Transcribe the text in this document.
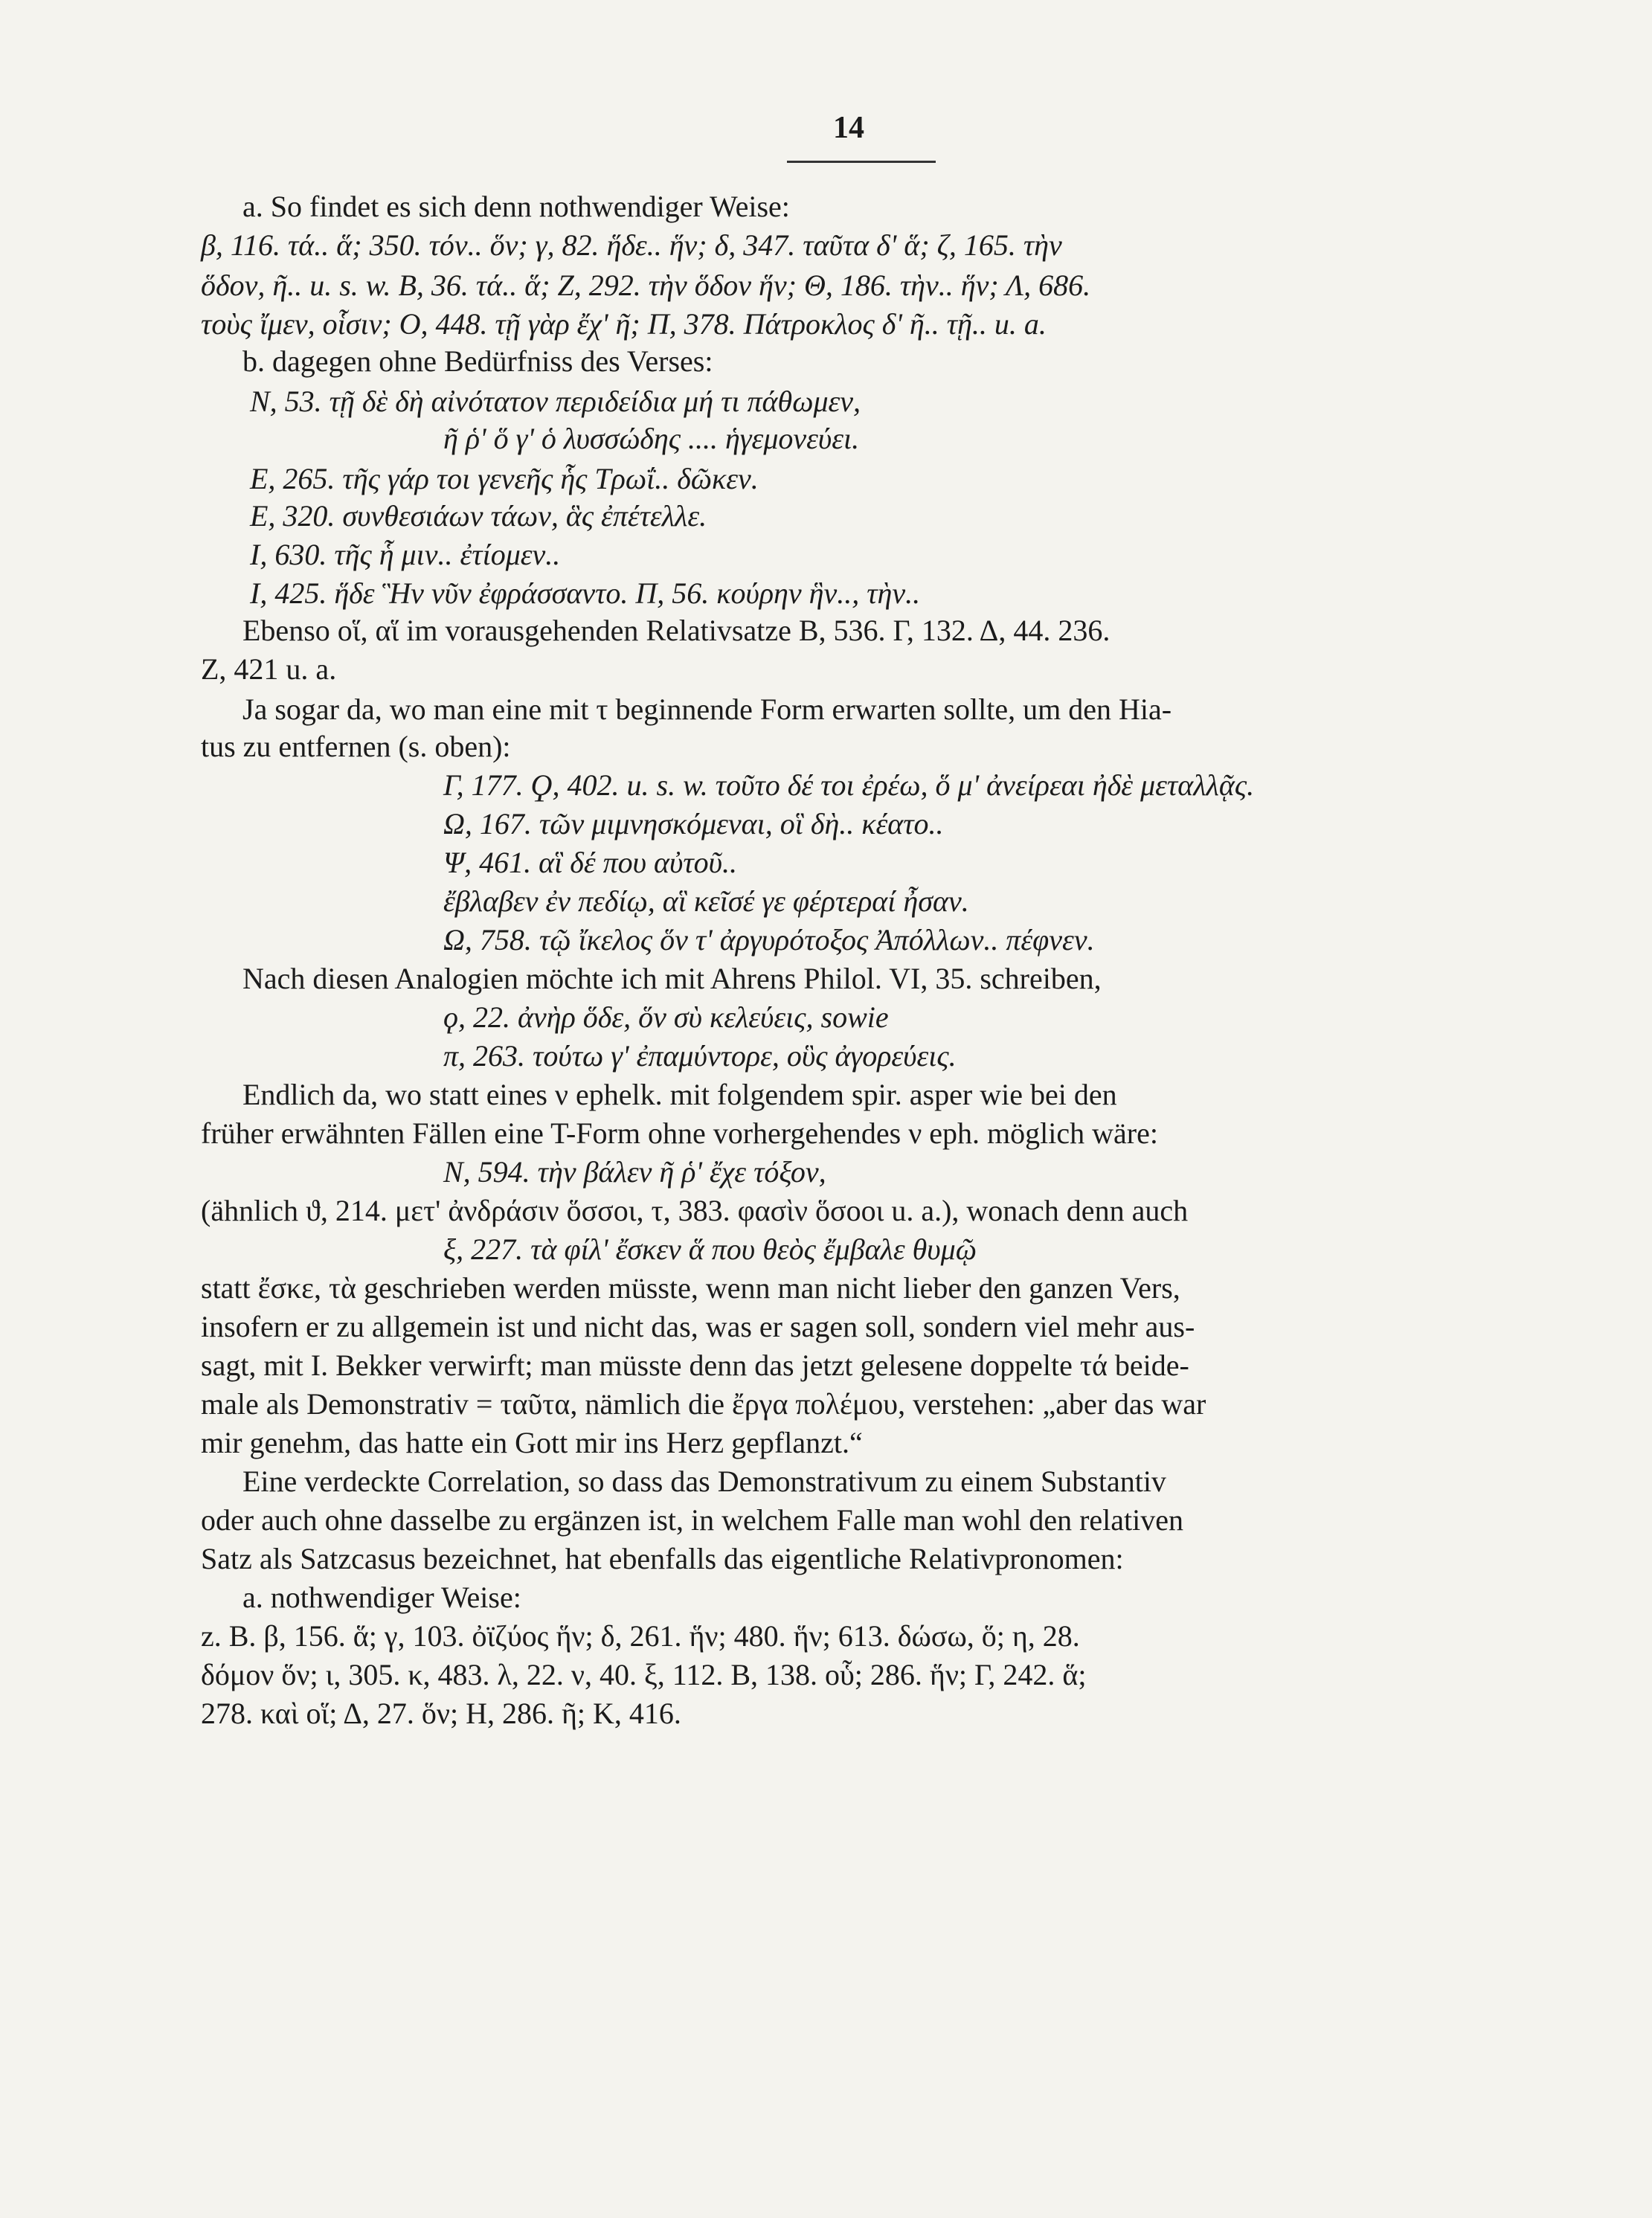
14
a. So findet es sich denn nothwendiger Weise:
β, 116. τά.. ἅ; 350. τόν.. ὅν; γ, 82. ἥδε.. ἥν; δ, 347. ταῦτα δ' ἅ; ζ, 165. τὴν
ὅδον, ῆ.. u. s. w. B, 36. τά.. ἅ; Z, 292. τὴν ὅδον ἥν; Θ, 186. τὴν.. ἥν; Λ, 686.
τοὺς ἴμεν, οἷσιν; O, 448. τῇ γὰρ ἔχ' ῆ; Π, 378. Πάτροκλος δ' ῆ.. τῇ.. u. a.
b. dagegen ohne Bedürfniss des Verses:
N, 53. τῇ δὲ δὴ αἰνότατον περιδείδια μή τι πάθωμεν,
ῆ ῥ' ὅ γ' ὁ λυσσώδης .... ἡγεμονεύει.
E, 265. τῆς γάρ τοι γενεῆς ἧς Τρωΐ.. δῶκεν.
E, 320. συνθεσιάων τάων, ἃς ἐπέτελλε.
I, 630. τῆς ἧ μιν.. ἐτίομεν..
I, 425. ἥδε Ἣν νῦν ἐφράσσαντο. Π, 56. κούρην ἣν.., τὴν..
Ebenso οἵ, αἵ im vorausgehenden Relativsatze B, 536. Γ, 132. Δ, 44. 236.
Z, 421 u. a.
Ja sogar da, wo man eine mit τ beginnende Form erwarten sollte, um den Hia-
tus zu entfernen (s. oben):
Γ, 177. Ϙ, 402. u. s. w. τοῦτο δέ τοι ἐρέω, ὅ μ' ἀνείρεαι ἠδὲ μεταλλᾷς.
Ω, 167. τῶν μιμνησκόμεναι, οἳ δὴ.. κέατο..
Ψ, 461. αἳ δέ που αὐτοῦ..
ἔβλαβεν ἐν πεδίῳ, αἳ κεῖσέ γε φέρτεραί ἦσαν.
Ω, 758. τῷ ἴκελος ὅν τ' ἀργυρότοξος Ἀπόλλων.. πέφνεν.
Nach diesen Analogien möchte ich mit Ahrens Philol. VI, 35. schreiben,
ϙ, 22. ἀνὴρ ὅδε, ὅν σὺ κελεύεις, sowie
π, 263. τούτω γ' ἐπαμύντορε, οὓς ἀγορεύεις.
Endlich da, wo statt eines ν ephelk. mit folgendem spir. asper wie bei den
früher erwähnten Fällen eine T-Form ohne vorhergehendes ν eph. möglich wäre:
N, 594. τὴν βάλεν ῆ ῥ' ἔχε τόξον,
(ähnlich ϑ, 214. μετ' ἀνδράσιν ὅσσοι, τ, 383. φασὶν ὅσοοι u. a.), wonach denn auch
ξ, 227. τὰ φίλ' ἔσκεν ἅ που θεὸς ἔμβαλε θυμῷ
statt ἔσκε, τὰ geschrieben werden müsste, wenn man nicht lieber den ganzen Vers,
insofern er zu allgemein ist und nicht das, was er sagen soll, sondern viel mehr aus-
sagt, mit I. Bekker verwirft; man müsste denn das jetzt gelesene doppelte τά beide-
male als Demonstrativ = ταῦτα, nämlich die ἔργα πολέμου, verstehen: „aber das war
mir genehm, das hatte ein Gott mir ins Herz gepflanzt.“
Eine verdeckte Correlation, so dass das Demonstrativum zu einem Substantiv
oder auch ohne dasselbe zu ergänzen ist, in welchem Falle man wohl den relativen
Satz als Satzcasus bezeichnet, hat ebenfalls das eigentliche Relativpronomen:
a. nothwendiger Weise:
z. B. β, 156. ἅ; γ, 103. ὀϊζύος ἥν; δ, 261. ἥν; 480. ἥν; 613. δώσω, ὅ; η, 28.
δόμον ὅν; ι, 305. κ, 483. λ, 22. ν, 40. ξ, 112. B, 138. οὗ; 286. ἥν; Γ, 242. ἅ;
278. καὶ οἵ; Δ, 27. ὅν; H, 286. ῆ; K, 416.
